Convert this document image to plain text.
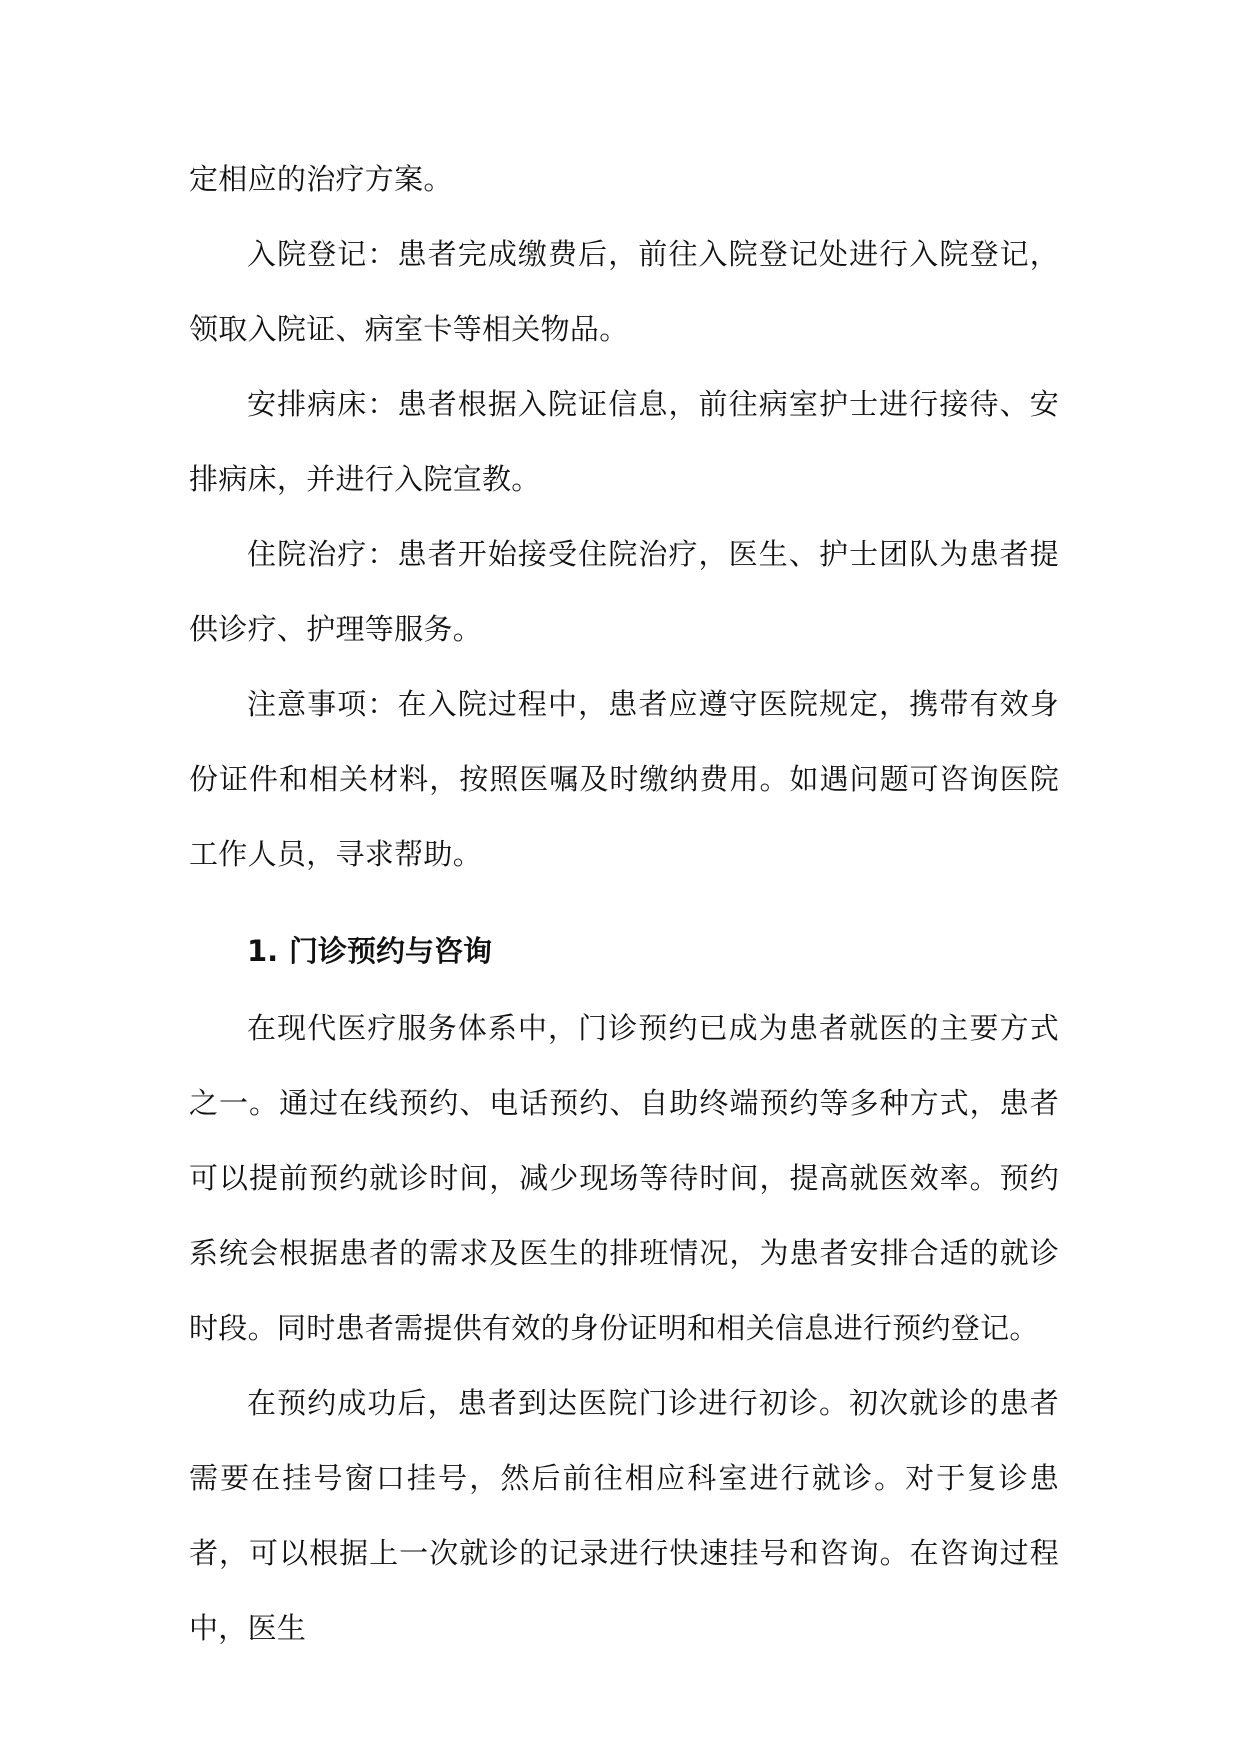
定相应的治疗方案。

入院登记：患者完成缴费后，前往入院登记处进行入院登记，领取入院证、病室卡等相关物品。

安排病床：患者根据入院证信息，前往病室护士进行接待、安排病床，并进行入院宣教。

住院治疗：患者开始接受住院治疗，医生、护士团队为患者提供诊疗、护理等服务。

注意事项：在入院过程中，患者应遵守医院规定，携带有效身份证件和相关材料，按照医嘱及时缴纳费用。如遇问题可咨询医院工作人员，寻求帮助。

1. 门诊预约与咨询

在现代医疗服务体系中，门诊预约已成为患者就医的主要方式之一。通过在线预约、电话预约、自助终端预约等多种方式，患者可以提前预约就诊时间，减少现场等待时间，提高就医效率。预约系统会根据患者的需求及医生的排班情况，为患者安排合适的就诊时段。同时患者需提供有效的身份证明和相关信息进行预约登记。

在预约成功后，患者到达医院门诊进行初诊。初次就诊的患者需要在挂号窗口挂号，然后前往相应科室进行就诊。对于复诊患者，可以根据上一次就诊的记录进行快速挂号和咨询。在咨询过程中，医生
